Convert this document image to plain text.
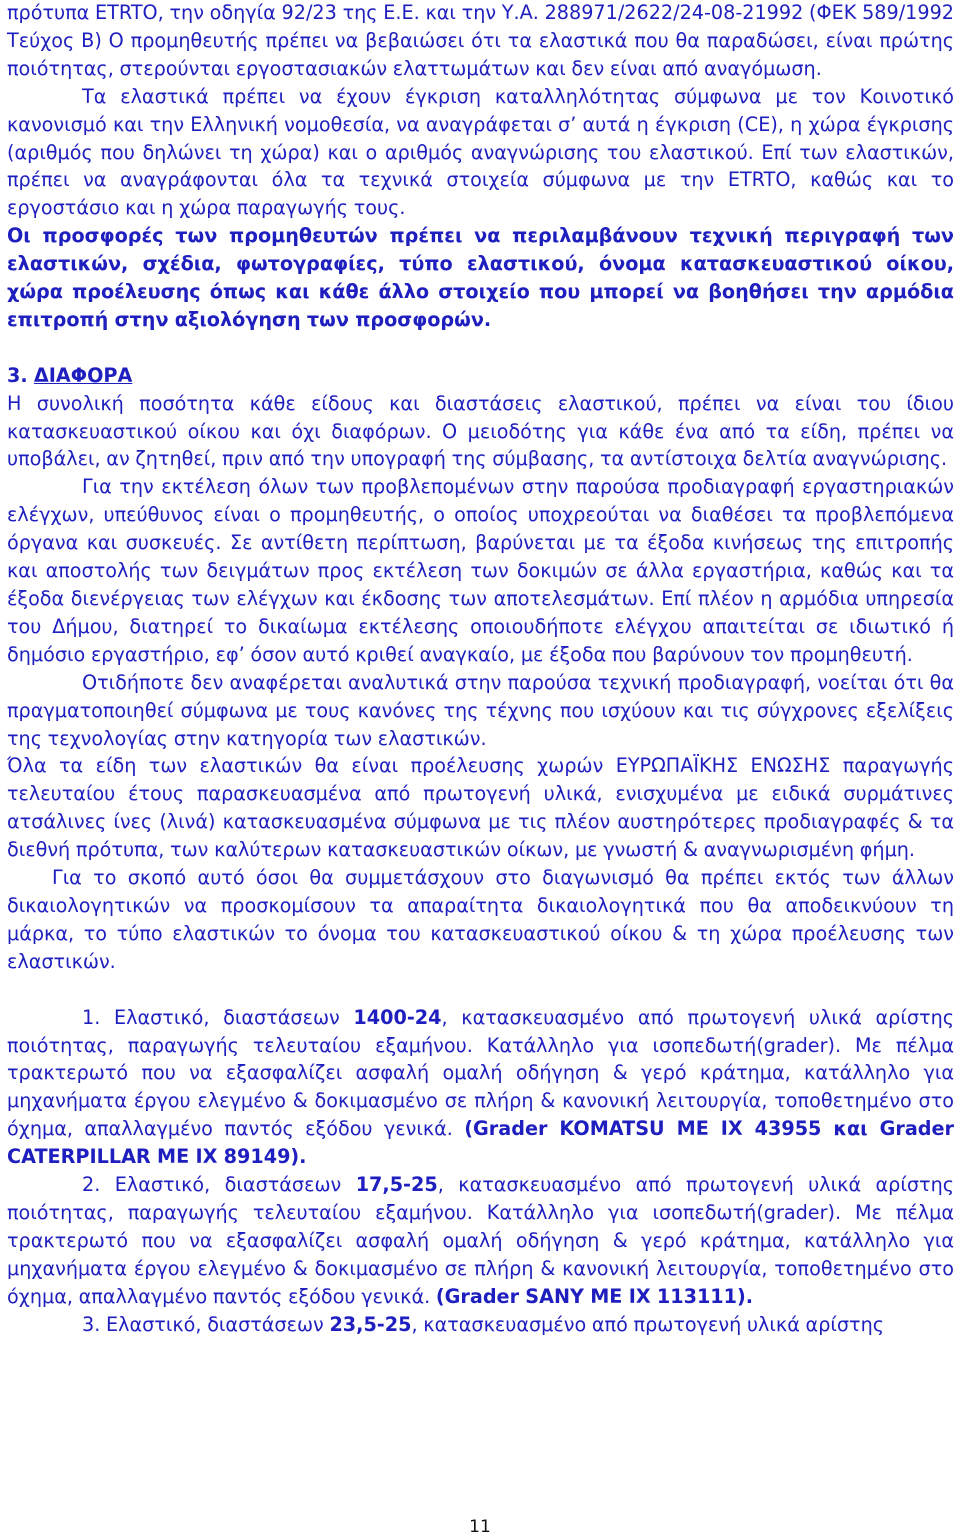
πρότυπα ETRTO, την οδηγία 92/23 της Ε.Ε. και την Υ.Α. 288971/2622/24-08-21992 (ΦΕΚ 589/1992 Τεύχος Β) Ο προμηθευτής πρέπει να βεβαιώσει ότι τα ελαστικά που θα παραδώσει, είναι πρώτης ποιότητας, στερούνται εργοστασιακών ελαττωμάτων και δεν είναι από αναγόμωση.

Τα ελαστικά πρέπει να έχουν έγκριση καταλληλότητας σύμφωνα με τον Κοινοτικό κανονισμό και την Ελληνική νομοθεσία, να αναγράφεται σ’ αυτά η έγκριση (CE), η χώρα έγκρισης (αριθμός που δηλώνει τη χώρα) και ο αριθμός αναγνώρισης του ελαστικού. Επί των ελαστικών, πρέπει να αναγράφονται όλα τα τεχνικά στοιχεία σύμφωνα με την ETRTO, καθώς και το εργοστάσιο και η χώρα παραγωγής τους.

Οι προσφορές των προμηθευτών πρέπει να περιλαμβάνουν τεχνική περιγραφή των ελαστικών, σχέδια, φωτογραφίες, τύπο ελαστικού, όνομα κατασκευαστικού οίκου, χώρα προέλευσης όπως και κάθε άλλο στοιχείο που μπορεί να βοηθήσει την αρμόδια επιτροπή στην αξιολόγηση των προσφορών.

3. ΔΙΑΦΟΡΑ

Η συνολική ποσότητα κάθε είδους και διαστάσεις ελαστικού, πρέπει να είναι του ίδιου κατασκευαστικού οίκου και όχι διαφόρων. Ο μειοδότης για κάθε ένα από τα είδη, πρέπει να υποβάλει, αν ζητηθεί, πριν από την υπογραφή της σύμβασης, τα αντίστοιχα δελτία αναγνώρισης.

Για την εκτέλεση όλων των προβλεπομένων στην παρούσα προδιαγραφή εργαστηριακών ελέγχων, υπεύθυνος είναι ο προμηθευτής, ο οποίος υποχρεούται να διαθέσει τα προβλεπόμενα όργανα και συσκευές. Σε αντίθετη περίπτωση, βαρύνεται με τα έξοδα κινήσεως της επιτροπής και αποστολής των δειγμάτων προς εκτέλεση των δοκιμών σε άλλα εργαστήρια, καθώς και τα έξοδα διενέργειας των ελέγχων και έκδοσης των αποτελεσμάτων. Επί πλέον η αρμόδια υπηρεσία του Δήμου, διατηρεί το δικαίωμα εκτέλεσης οποιουδήποτε ελέγχου απαιτείται σε ιδιωτικό ή δημόσιο εργαστήριο, εφ’ όσον αυτό κριθεί αναγκαίο, με έξοδα που βαρύνουν τον προμηθευτή.

Οτιδήποτε δεν αναφέρεται αναλυτικά στην παρούσα τεχνική προδιαγραφή, νοείται ότι θα πραγματοποιηθεί σύμφωνα με τους κανόνες της τέχνης που ισχύουν και τις σύγχρονες εξελίξεις της τεχνολογίας στην κατηγορία των ελαστικών.

Όλα τα είδη των ελαστικών θα είναι προέλευσης χωρών ΕΥΡΩΠΑΪΚΗΣ ΕΝΩΣΗΣ παραγωγής τελευταίου έτους παρασκευασμένα από πρωτογενή υλικά, ενισχυμένα με ειδικά συρμάτινες ατσάλινες ίνες (λινά) κατασκευασμένα σύμφωνα με τις πλέον αυστηρότερες προδιαγραφές & τα διεθνή πρότυπα, των καλύτερων κατασκευαστικών οίκων, με γνωστή & αναγνωρισμένη φήμη.

Για το σκοπό αυτό όσοι θα συμμετάσχουν στο διαγωνισμό θα πρέπει εκτός των άλλων δικαιολογητικών να προσκομίσουν τα απαραίτητα δικαιολογητικά που θα αποδεικνύουν τη μάρκα, το τύπο ελαστικών το όνομα του κατασκευαστικού οίκου & τη χώρα προέλευσης των ελαστικών.

1. Ελαστικό, διαστάσεων 1400-24, κατασκευασμένο από πρωτογενή υλικά αρίστης ποιότητας, παραγωγής τελευταίου εξαμήνου. Κατάλληλο για ισοπεδωτή(grader). Με πέλμα τρακτερωτό που να εξασφαλίζει ασφαλή ομαλή οδήγηση & γερό κράτημα, κατάλληλο για μηχανήματα έργου ελεγμένο & δοκιμασμένο σε πλήρη & κανονική λειτουργία, τοποθετημένο στο όχημα, απαλλαγμένο παντός εξόδου γενικά. (Grader KOMATSU ΜΕ ΙΧ 43955 και Grader CATERPILLAR ΜΕ ΙΧ 89149).

2. Ελαστικό, διαστάσεων 17,5-25, κατασκευασμένο από πρωτογενή υλικά αρίστης ποιότητας, παραγωγής τελευταίου εξαμήνου. Κατάλληλο για ισοπεδωτή(grader). Με πέλμα τρακτερωτό που να εξασφαλίζει ασφαλή ομαλή οδήγηση & γερό κράτημα, κατάλληλο για μηχανήματα έργου ελεγμένο & δοκιμασμένο σε πλήρη & κανονική λειτουργία, τοποθετημένο στο όχημα, απαλλαγμένο παντός εξόδου γενικά. (Grader SANY ΜΕ ΙΧ 113111).

3. Ελαστικό, διαστάσεων 23,5-25, κατασκευασμένο από πρωτογενή υλικά αρίστης

11
